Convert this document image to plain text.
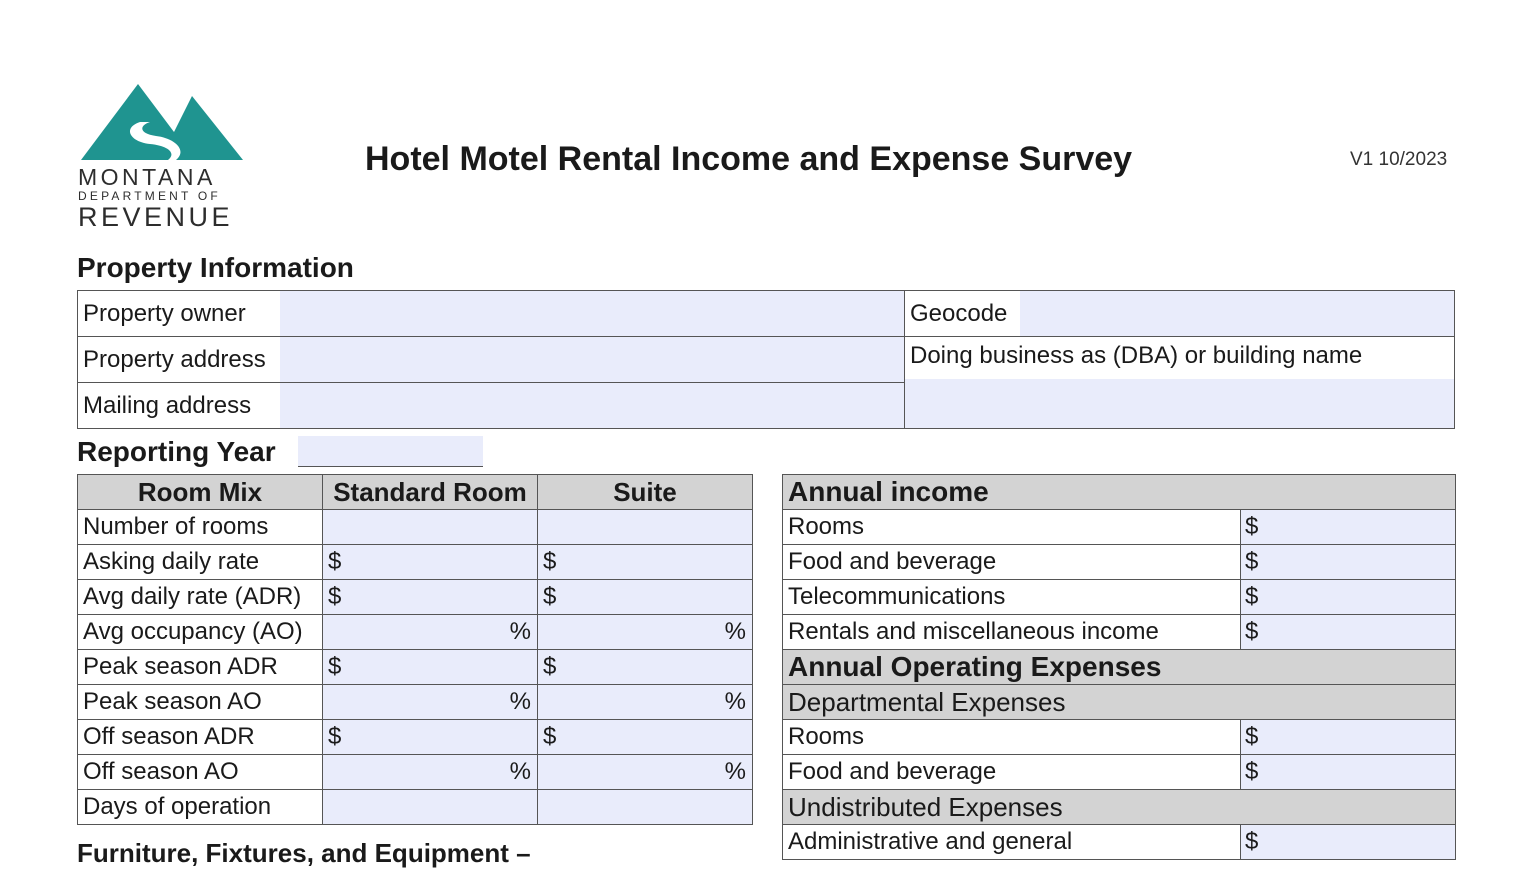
MONTANA
DEPARTMENT OF
REVENUE
Hotel Motel Rental Income and Expense Survey	V1 10/2023
Property Information
Property owner
Property address
Mailing address
Geocode
Doing business as (DBA) or building name
Reporting Year
Room Mix	Standard Room	Suite
Number of rooms		
Asking daily rate	$	$

Avg daily rate (ADR)	$	$

Avg occupancy (AO)	%	%

Peak season ADR	$	$

Peak season AO	%	%

Off season ADR	$	$

Off season AO	%	%

Days of operation		
Annual income	
Rooms	$

Food and beverage	$

Telecommunications	$

Rentals and miscellaneous income	$

Annual Operating Expenses	
Departmental Expenses	
Rooms	$

Food and beverage	$

Undistributed Expenses	
Administrative and general	$
Furniture, Fixtures, and Equipment –
